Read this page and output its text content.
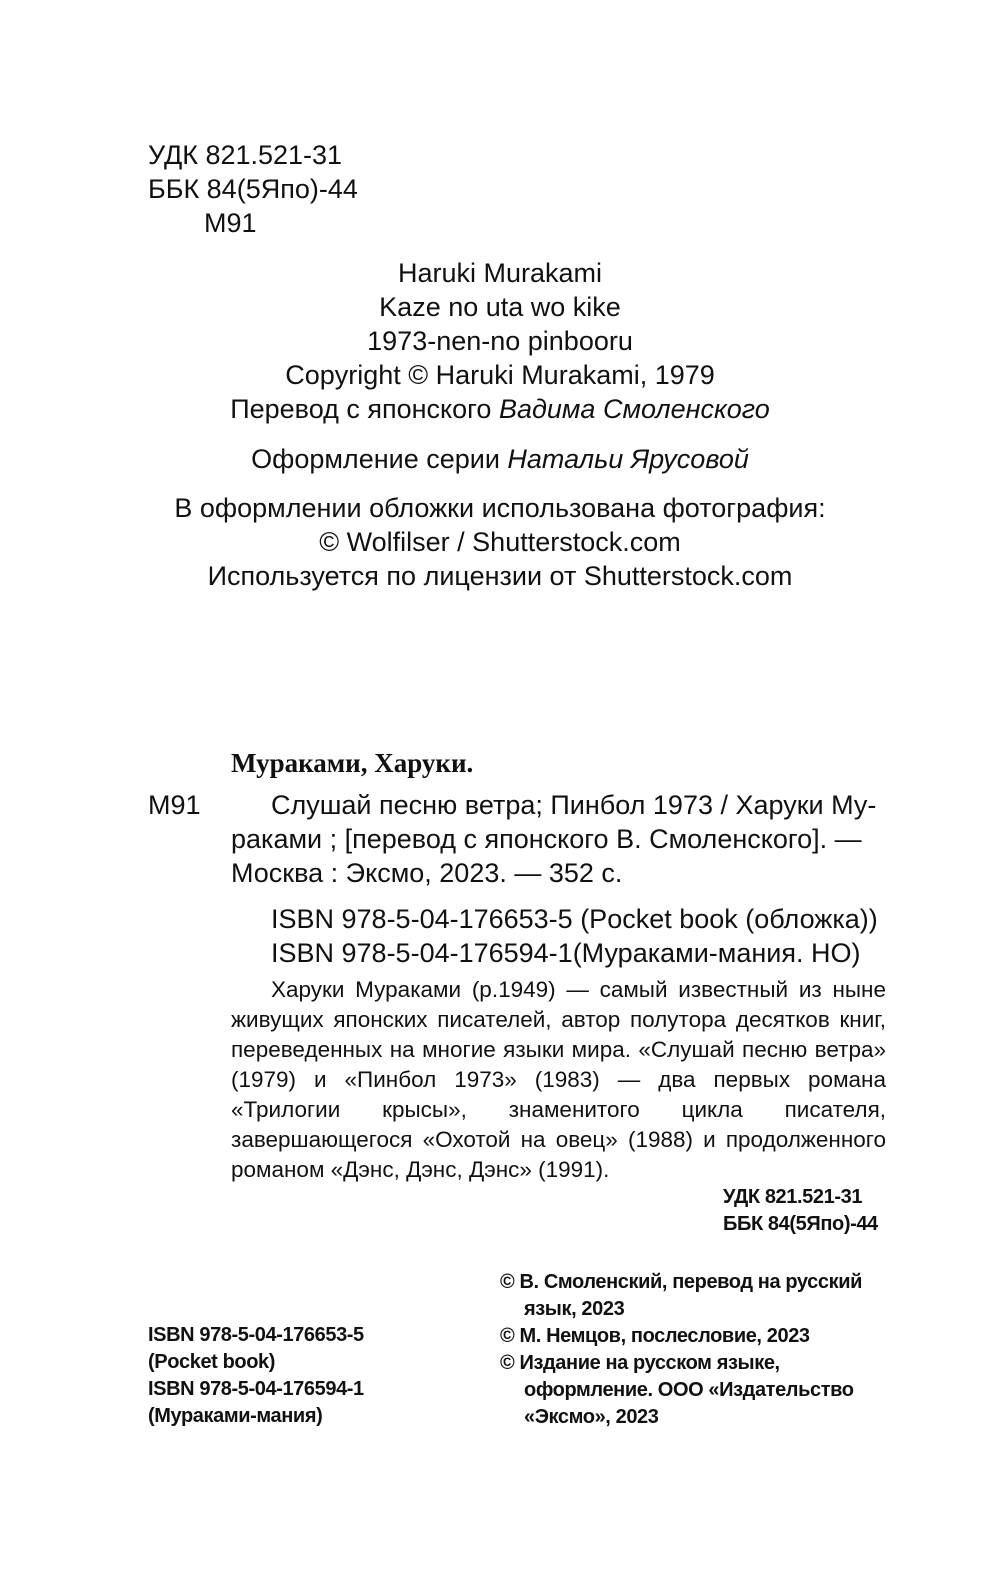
УДК 821.521-31
ББК 84(5Япо)-44
М91
Haruki Murakami
Kaze no uta wo kike
1973-nen-no pinbooru
Copyright © Haruki Murakami, 1979
Перевод с японского Вадима Смоленского
Оформление серии Натальи Ярусовой
В оформлении обложки использована фотография:
© Wolfilser / Shutterstock.com
Используется по лицензии от Shutterstock.com
Мураками, Харуки.
М91	Слушай песню ветра; Пинбол 1973 / Харуки Му-
раками ; [перевод с японского В. Смоленского]. —
Москва : Эксмо, 2023. — 352 с.
ISBN 978-5-04-176653-5 (Pocket book (обложка))
ISBN 978-5-04-176594-1(Мураками-мания. НО)
Харуки Мураками (р.1949) — самый известный из ныне живущих японских писателей, автор полутора десятков книг, переведенных на многие языки мира. «Слушай песню ветра» (1979) и «Пинбол 1973» (1983) — два первых романа «Трилогии крысы», знаменитого цикла писателя, завершающегося «Охотой на овец» (1988) и продолженного романом «Дэнс, Дэнс, Дэнс» (1991).
УДК 821.521-31
ББК 84(5Япо)-44
ISBN 978-5-04-176653-5
(Pocket book)
ISBN 978-5-04-176594-1
(Мураками-мания)
© В. Смоленский, перевод на русский
язык, 2023
© М. Немцов, послесловие, 2023
© Издание на русском языке,
оформление. ООО «Издательство
«Эксмо», 2023
